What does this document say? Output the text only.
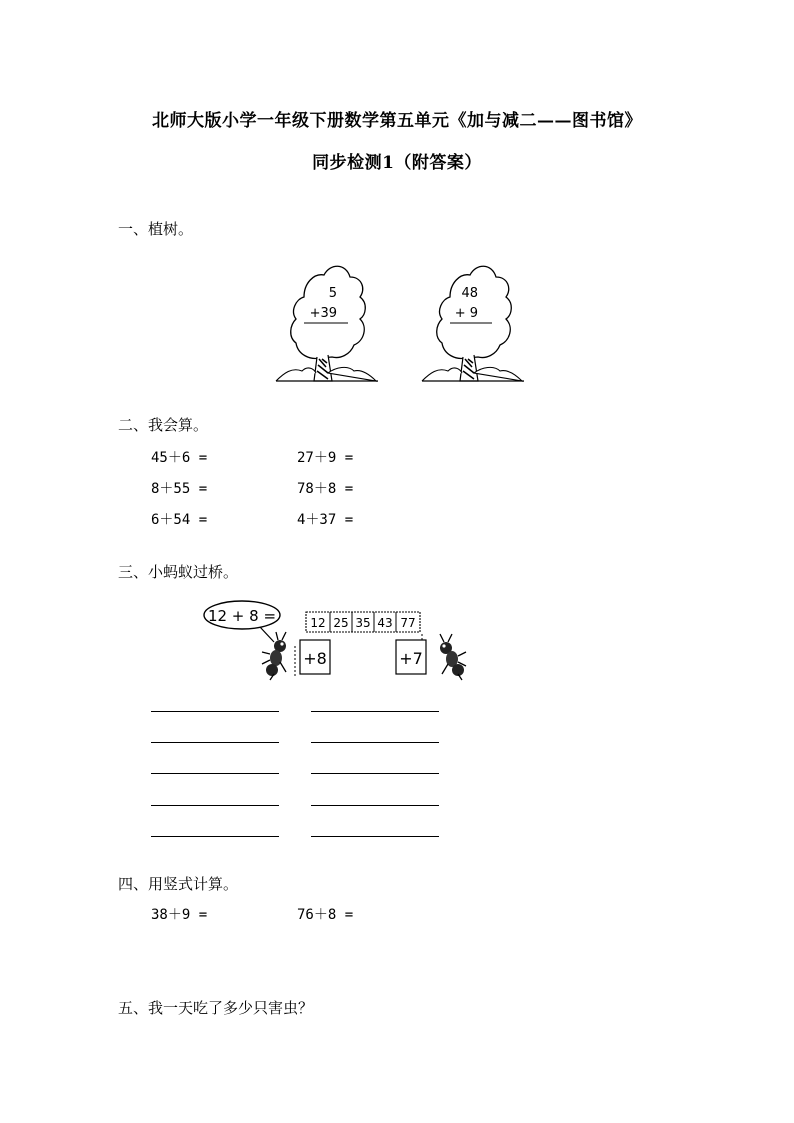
北师大版小学一年级下册数学第五单元《加与减二——图书馆》
同步检测1（附答案）
一、植树。
5
+39
48
+ 9
二、我会算。
45＋6 =	27＋9 =
8＋55 =	78＋8 =
6＋54 =	4＋37 =
三、小蚂蚁过桥。
12 + 8 =	12 25 35 43 77
+8	+7
四、用竖式计算。
38＋9 =	76＋8 =
五、我一天吃了多少只害虫？
